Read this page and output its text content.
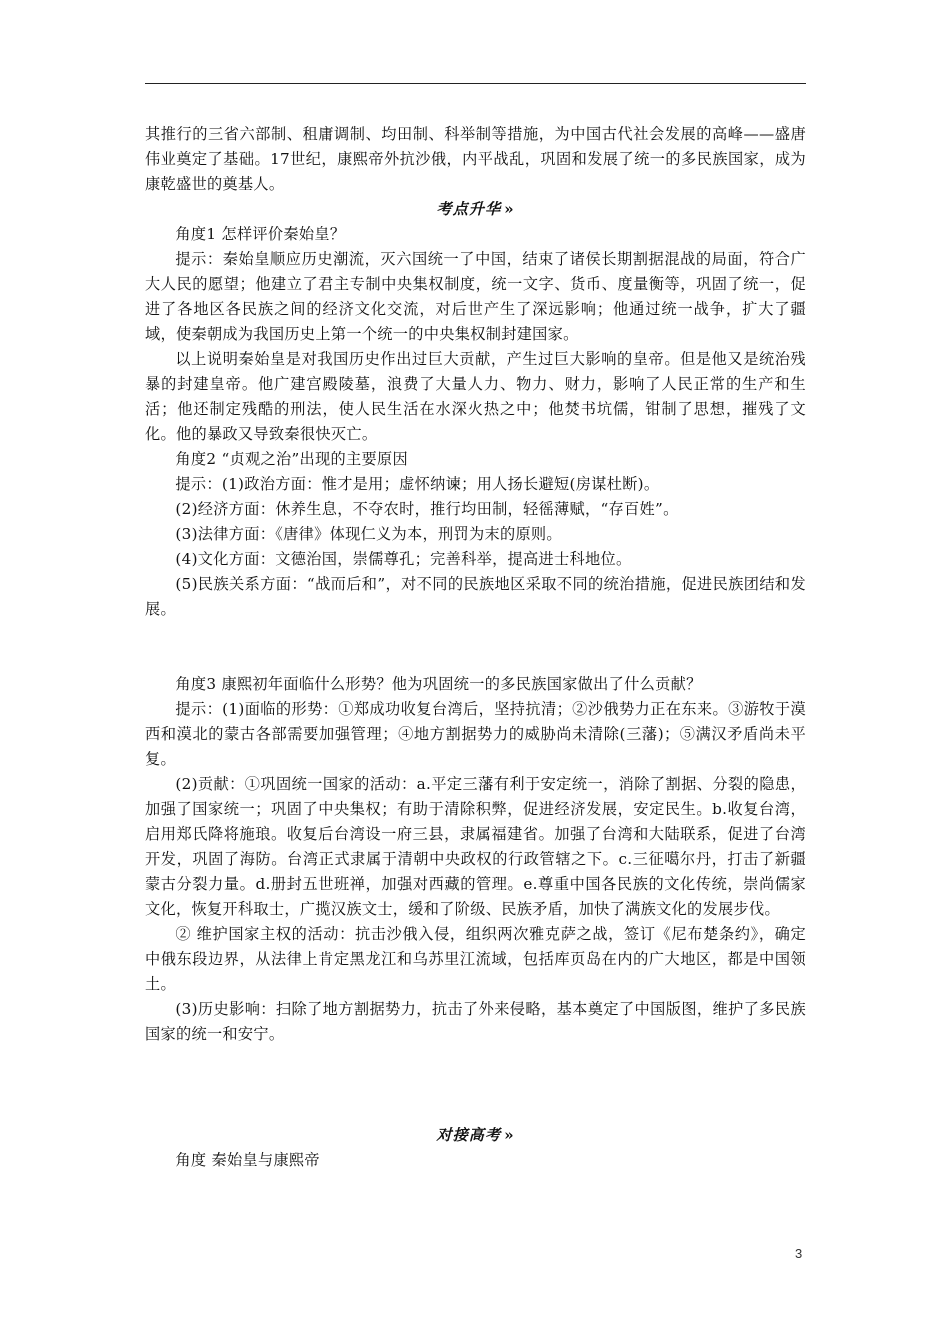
其推行的三省六部制、租庸调制、均田制、科举制等措施，为中国古代社会发展的高峰——盛唐伟业奠定了基础。17世纪，康熙帝外抗沙俄，内平战乱，巩固和发展了统一的多民族国家，成为康乾盛世的奠基人。

考点升华 »

角度1 怎样评价秦始皇？

提示：秦始皇顺应历史潮流，灭六国统一了中国，结束了诸侯长期割据混战的局面，符合广大人民的愿望；他建立了君主专制中央集权制度，统一文字、货币、度量衡等，巩固了统一，促进了各地区各民族之间的经济文化交流，对后世产生了深远影响；他通过统一战争，扩大了疆域，使秦朝成为我国历史上第一个统一的中央集权制封建国家。

以上说明秦始皇是对我国历史作出过巨大贡献，产生过巨大影响的皇帝。但是他又是统治残暴的封建皇帝。他广建宫殿陵墓，浪费了大量人力、物力、财力，影响了人民正常的生产和生活；他还制定残酷的刑法，使人民生活在水深火热之中；他焚书坑儒，钳制了思想，摧残了文化。他的暴政又导致秦很快灭亡。

角度2 “贞观之治”出现的主要原因

提示：(1)政治方面：惟才是用；虚怀纳谏；用人扬长避短(房谋杜断)。

(2)经济方面：休养生息，不夺农时，推行均田制，轻徭薄赋，“存百姓”。

(3)法律方面：《唐律》体现仁义为本，刑罚为末的原则。

(4)文化方面：文德治国，崇儒尊孔；完善科举，提高进士科地位。

(5)民族关系方面：“战而后和”，对不同的民族地区采取不同的统治措施，促进民族团结和发展。

角度3 康熙初年面临什么形势？他为巩固统一的多民族国家做出了什么贡献？

提示：(1)面临的形势：①郑成功收复台湾后，坚持抗清；②沙俄势力正在东来。③游牧于漠西和漠北的蒙古各部需要加强管理；④地方割据势力的威胁尚未清除(三藩)；⑤满汉矛盾尚未平复。

(2)贡献：①巩固统一国家的活动：a.平定三藩有利于安定统一，消除了割据、分裂的隐患，加强了国家统一；巩固了中央集权；有助于清除积弊，促进经济发展，安定民生。b.收复台湾，启用郑氏降将施琅。收复后台湾设一府三县，隶属福建省。加强了台湾和大陆联系，促进了台湾开发，巩固了海防。台湾正式隶属于清朝中央政权的行政管辖之下。c.三征噶尔丹，打击了新疆蒙古分裂力量。d.册封五世班禅，加强对西藏的管理。e.尊重中国各民族的文化传统，崇尚儒家文化，恢复开科取士，广揽汉族文士，缓和了阶级、民族矛盾，加快了满族文化的发展步伐。

② 维护国家主权的活动：抗击沙俄入侵，组织两次雅克萨之战，签订《尼布楚条约》，确定中俄东段边界，从法律上肯定黑龙江和乌苏里江流域，包括库页岛在内的广大地区，都是中国领土。

(3)历史影响：扫除了地方割据势力，抗击了外来侵略，基本奠定了中国版图，维护了多民族国家的统一和安宁。

对接高考 »

角度 秦始皇与康熙帝

3
